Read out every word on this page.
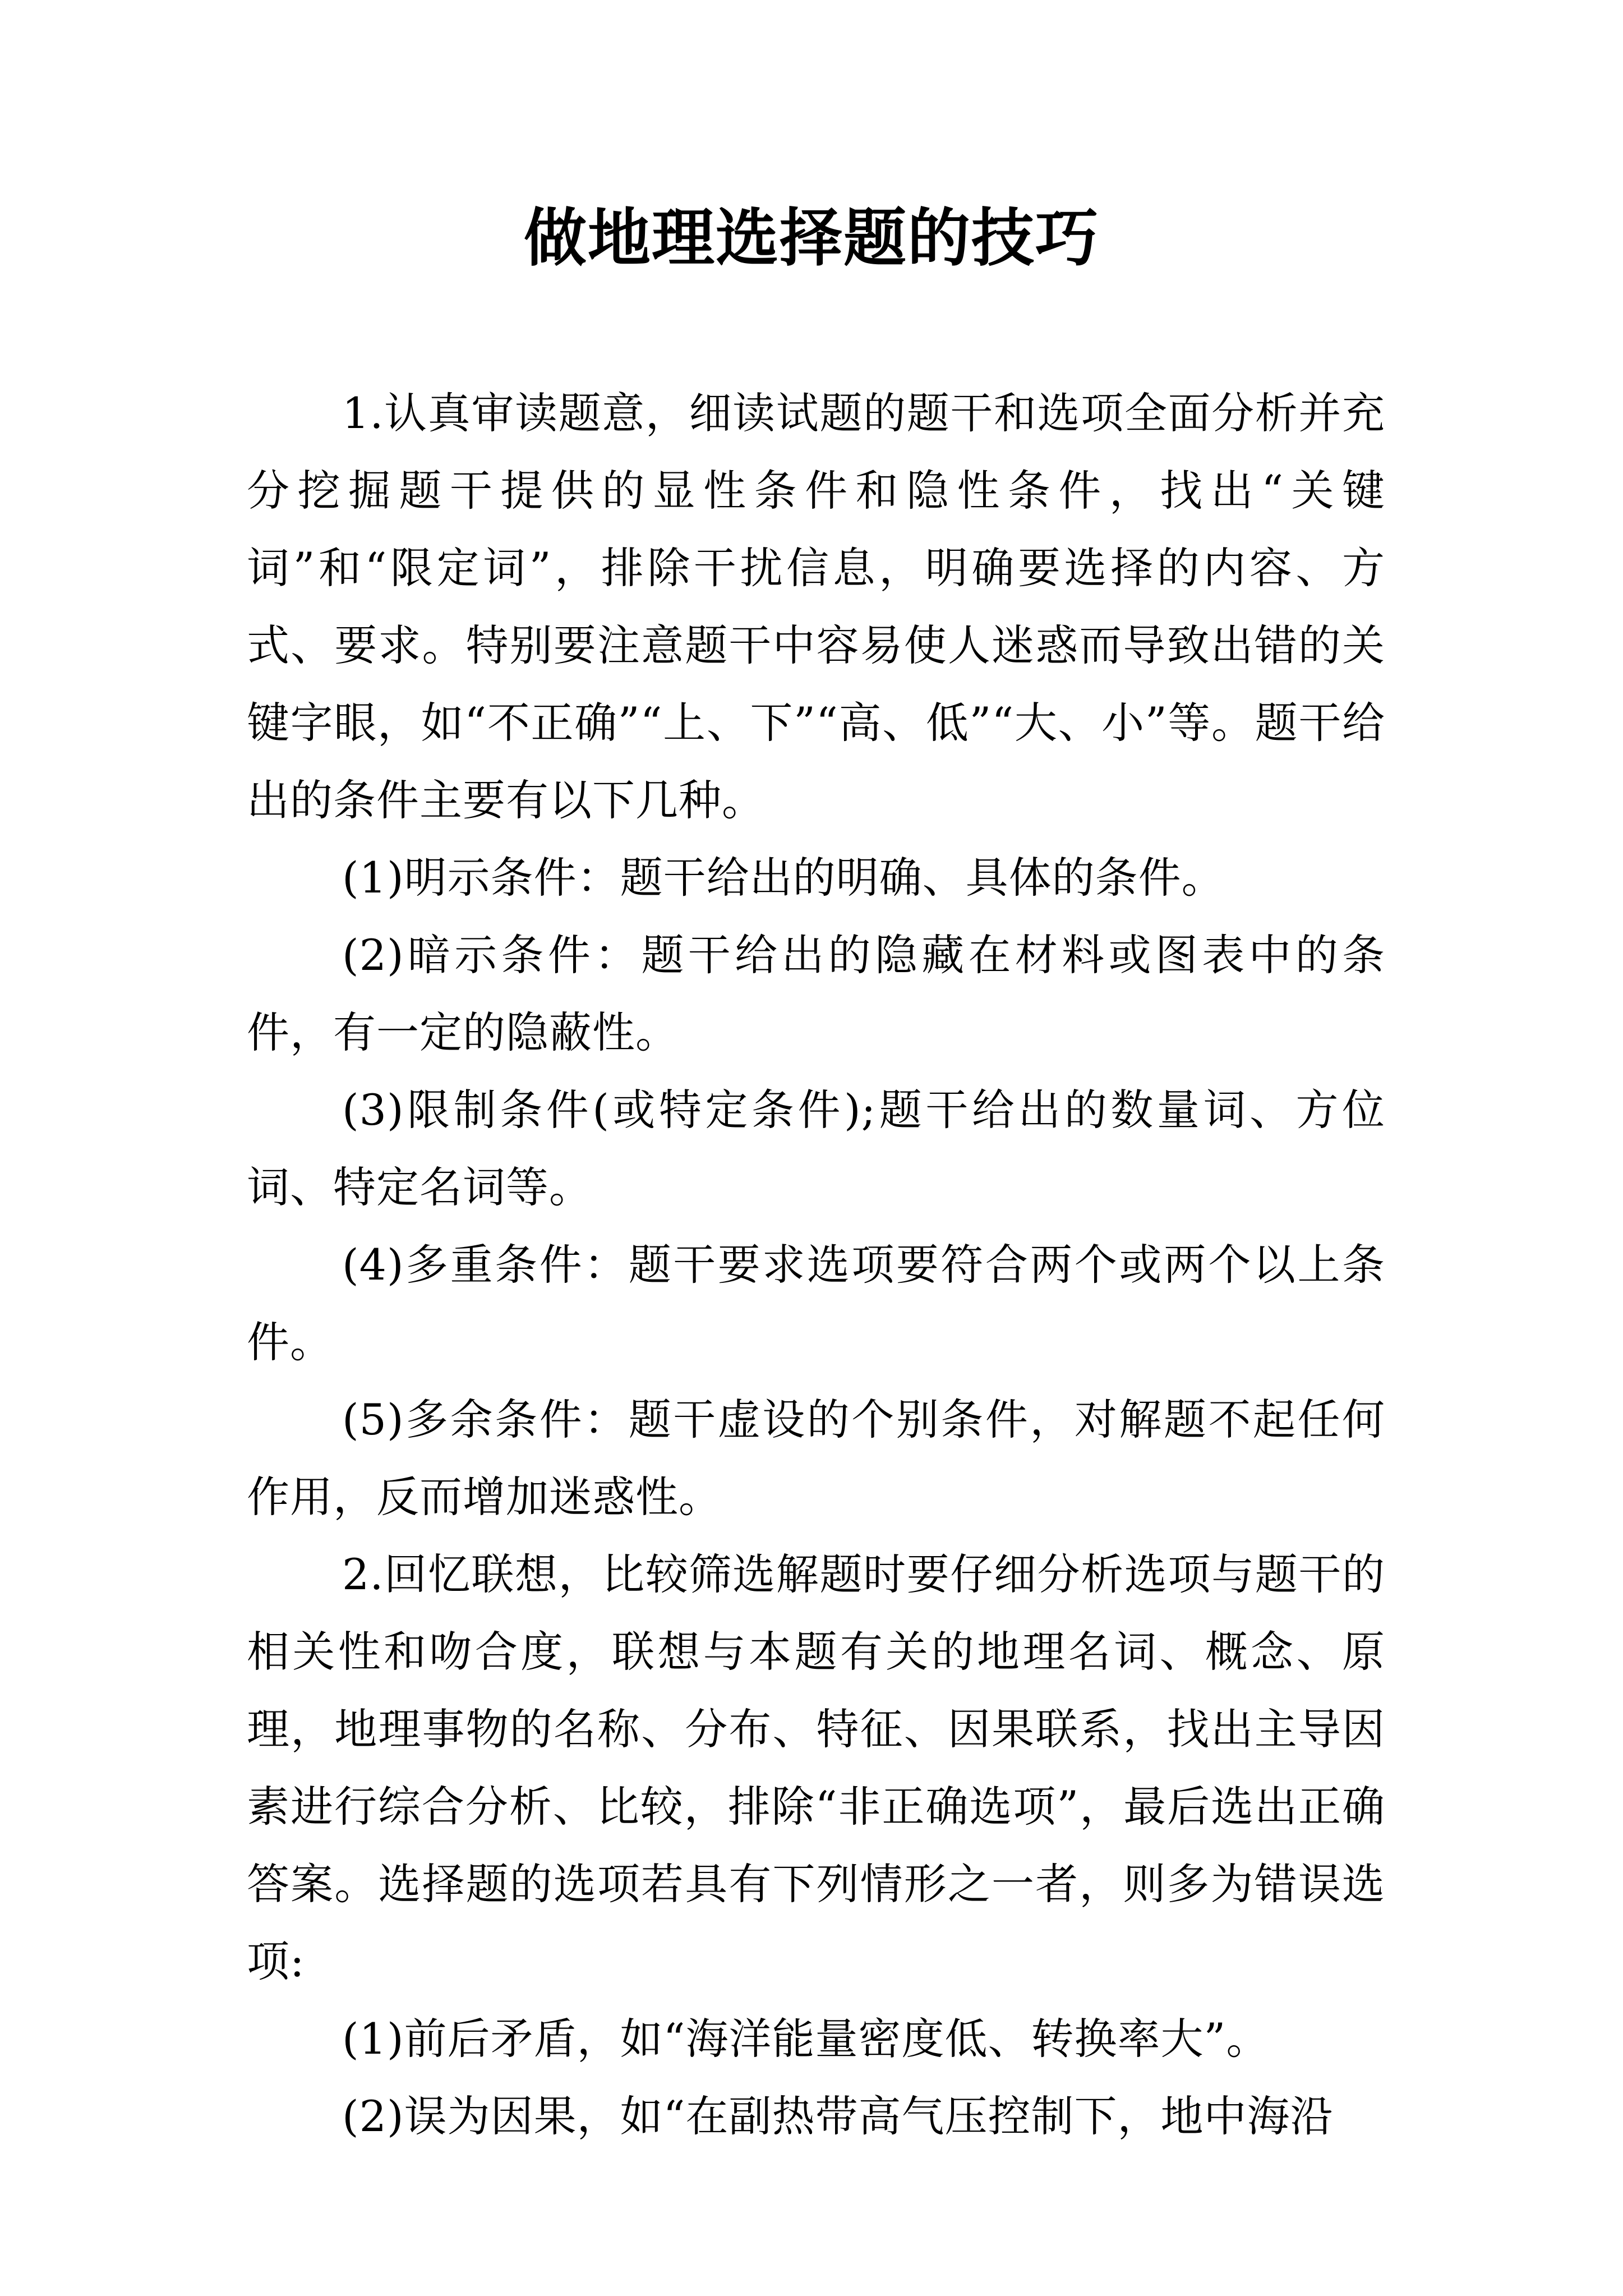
做地理选择题的技巧

1.认真审读题意，细读试题的题干和选项全面分析并充分挖掘题干提供的显性条件和隐性条件，找出“关键词”和“限定词”，排除干扰信息，明确要选择的内容、方式、要求。特别要注意题干中容易使人迷惑而导致出错的关键字眼，如“不正确”“上、下”“高、低”“大、小”等。题干给出的条件主要有以下几种。

(1)明示条件：题干给出的明确、具体的条件。

(2)暗示条件：题干给出的隐藏在材料或图表中的条件，有一定的隐蔽性。

(3)限制条件(或特定条件);题干给出的数量词、方位词、特定名词等。

(4)多重条件：题干要求选项要符合两个或两个以上条件。

(5)多余条件：题干虚设的个别条件，对解题不起任何作用，反而增加迷惑性。

2.回忆联想，比较筛选解题时要仔细分析选项与题干的相关性和吻合度，联想与本题有关的地理名词、概念、原理，地理事物的名称、分布、特征、因果联系，找出主导因素进行综合分析、比较，排除“非正确选项”，最后选出正确答案。选择题的选项若具有下列情形之一者，则多为错误选项:

(1)前后矛盾，如“海洋能量密度低、转换率大”。

(2)误为因果，如“在副热带高气压控制下，地中海沿
